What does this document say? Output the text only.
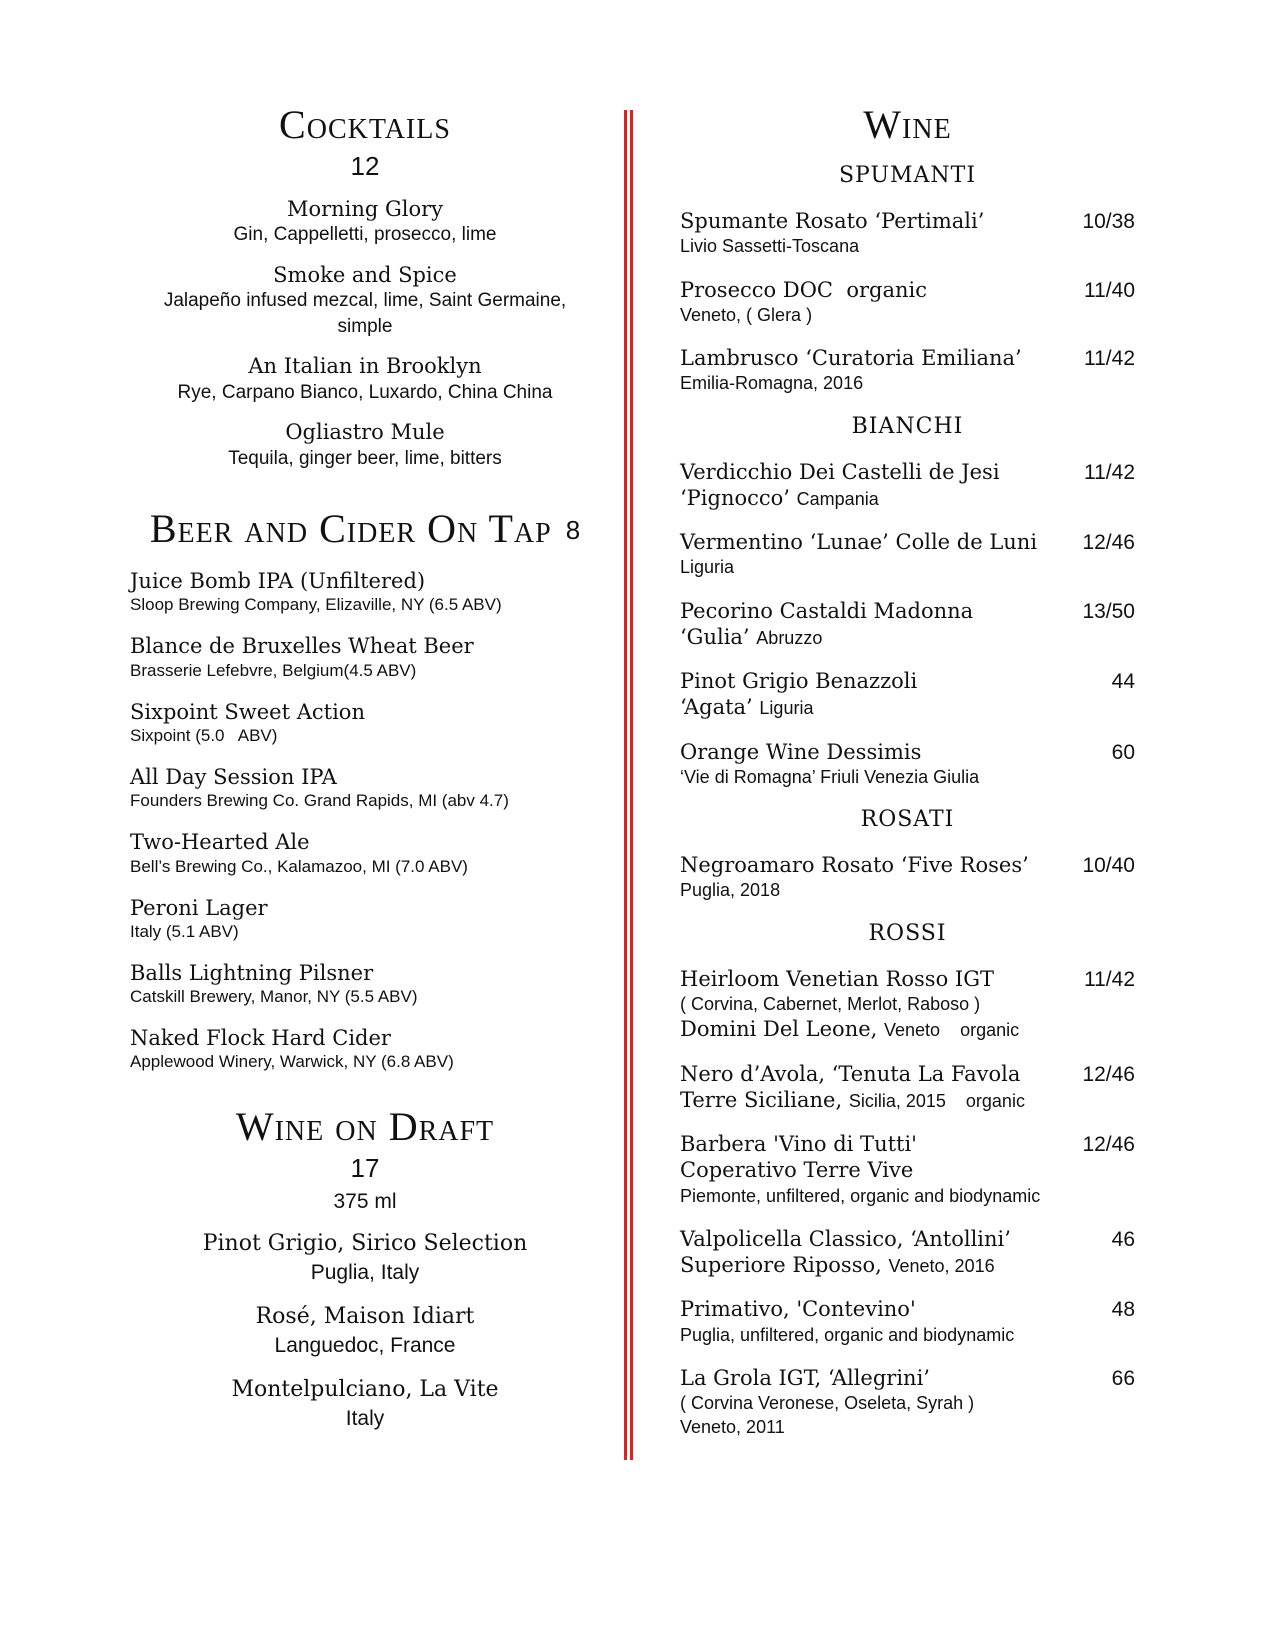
Cocktails
12
Morning Glory
Gin, Cappelletti, prosecco, lime
Smoke and Spice
Jalapeño infused mezcal, lime, Saint Germaine, simple
An Italian in Brooklyn
Rye, Carpano Bianco, Luxardo, China China
Ogliastro Mule
Tequila, ginger beer, lime, bitters
Beer and Cider On Tap 8
Juice Bomb IPA (Unfiltered)
Sloop Brewing Company, Elizaville, NY (6.5 ABV)
Blance de Bruxelles Wheat Beer
Brasserie Lefebvre, Belgium(4.5 ABV)
Sixpoint Sweet Action
Sixpoint (5.0   ABV)
All Day Session IPA
Founders Brewing Co. Grand Rapids, MI (abv 4.7)
Two-Hearted Ale
Bell’s Brewing Co., Kalamazoo, MI (7.0 ABV)
Peroni Lager
Italy (5.1 ABV)
Balls Lightning Pilsner
Catskill Brewery, Manor, NY (5.5 ABV)
Naked Flock Hard Cider
Applewood Winery, Warwick, NY (6.8 ABV)
Wine on Draft
17
375 ml
Pinot Grigio, Sirico Selection
Puglia, Italy
Rosé, Maison Idiart
Languedoc, France
Montelpulciano, La Vite
Italy
Wine
SPUMANTI
Spumante Rosato ‘Pertimali’	10/38
Livio Sassetti-Toscana
Prosecco DOC  organic	11/40
Veneto, ( Glera )
Lambrusco ‘Curatoria Emiliana’	11/42
Emilia-Romagna, 2016
BIANCHI
Verdicchio Dei Castelli de Jesi	11/42
‘Pignocco’ Campania
Vermentino ‘Lunae’ Colle de Luni 12/46
Liguria
Pecorino Castaldi Madonna	13/50
‘Gulia’ Abruzzo
Pinot Grigio Benazzoli	44
‘Agata’ Liguria
Orange Wine Dessimis	60
‘Vie di Romagna’ Friuli Venezia Giulia
ROSATI
Negroamaro Rosato ‘Five Roses’	10/40
Puglia, 2018
ROSSI
Heirloom Venetian Rosso IGT	11/42
( Corvina, Cabernet, Merlot, Raboso )
Domini Del Leone, Veneto organic
Nero d’Avola, ‘Tenuta La Favola	12/46
Terre Siciliane, Sicilia, 2015 organic
Barbera 'Vino di Tutti'	12/46
Coperativo Terre Vive
Piemonte, unfiltered, organic and biodynamic
Valpolicella Classico, ‘Antollini’	46
Superiore Riposso, Veneto, 2016
Primativo, 'Contevino'	48
Puglia, unfiltered, organic and biodynamic
La Grola IGT, ‘Allegrini’	66
( Corvina Veronese, Oseleta, Syrah )
Veneto, 2011
